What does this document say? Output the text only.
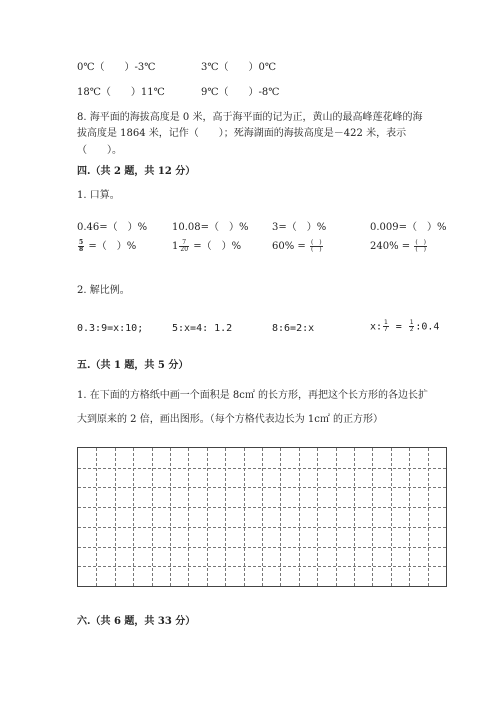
0℃（　　）-3℃	3℃（　　）0℃
18℃（　　）11℃	9℃（　　）-8℃
8. 海平面的海拔高度是 0 米，高于海平面的记为正，黄山的最高峰莲花峰的海
拔高度是 1864 米，记作（　　）；死海湖面的海拔高度是－422 米，表示
（　　）。
四.（共 2 题，共 12 分）
1. 口算。
0.46=（　）% 10.08=（　）% 3=（　）%	0.009=（　）%
$\frac{5}{8}$ =（　）%	$1 \frac{7}{20}$ =（　）%	$60\% = \frac{( )}{( )}$	$240\% = \frac{( )}{( )}$
2. 解比例。
0.3:9=x:10;	5:x=4: 1.2	8:6=2:x	x: $\frac{1}{7} = \frac{1}{2}$ :0.4
五.（共 1 题，共 5 分）
1. 在下面的方格纸中画一个面积是 8c㎡ 的长方形，再把这个长方形的各边长扩
大到原来的 2 倍，画出图形。（每个方格代表边长为 1c㎡ 的正方形）
六.（共 6 题，共 33 分）
